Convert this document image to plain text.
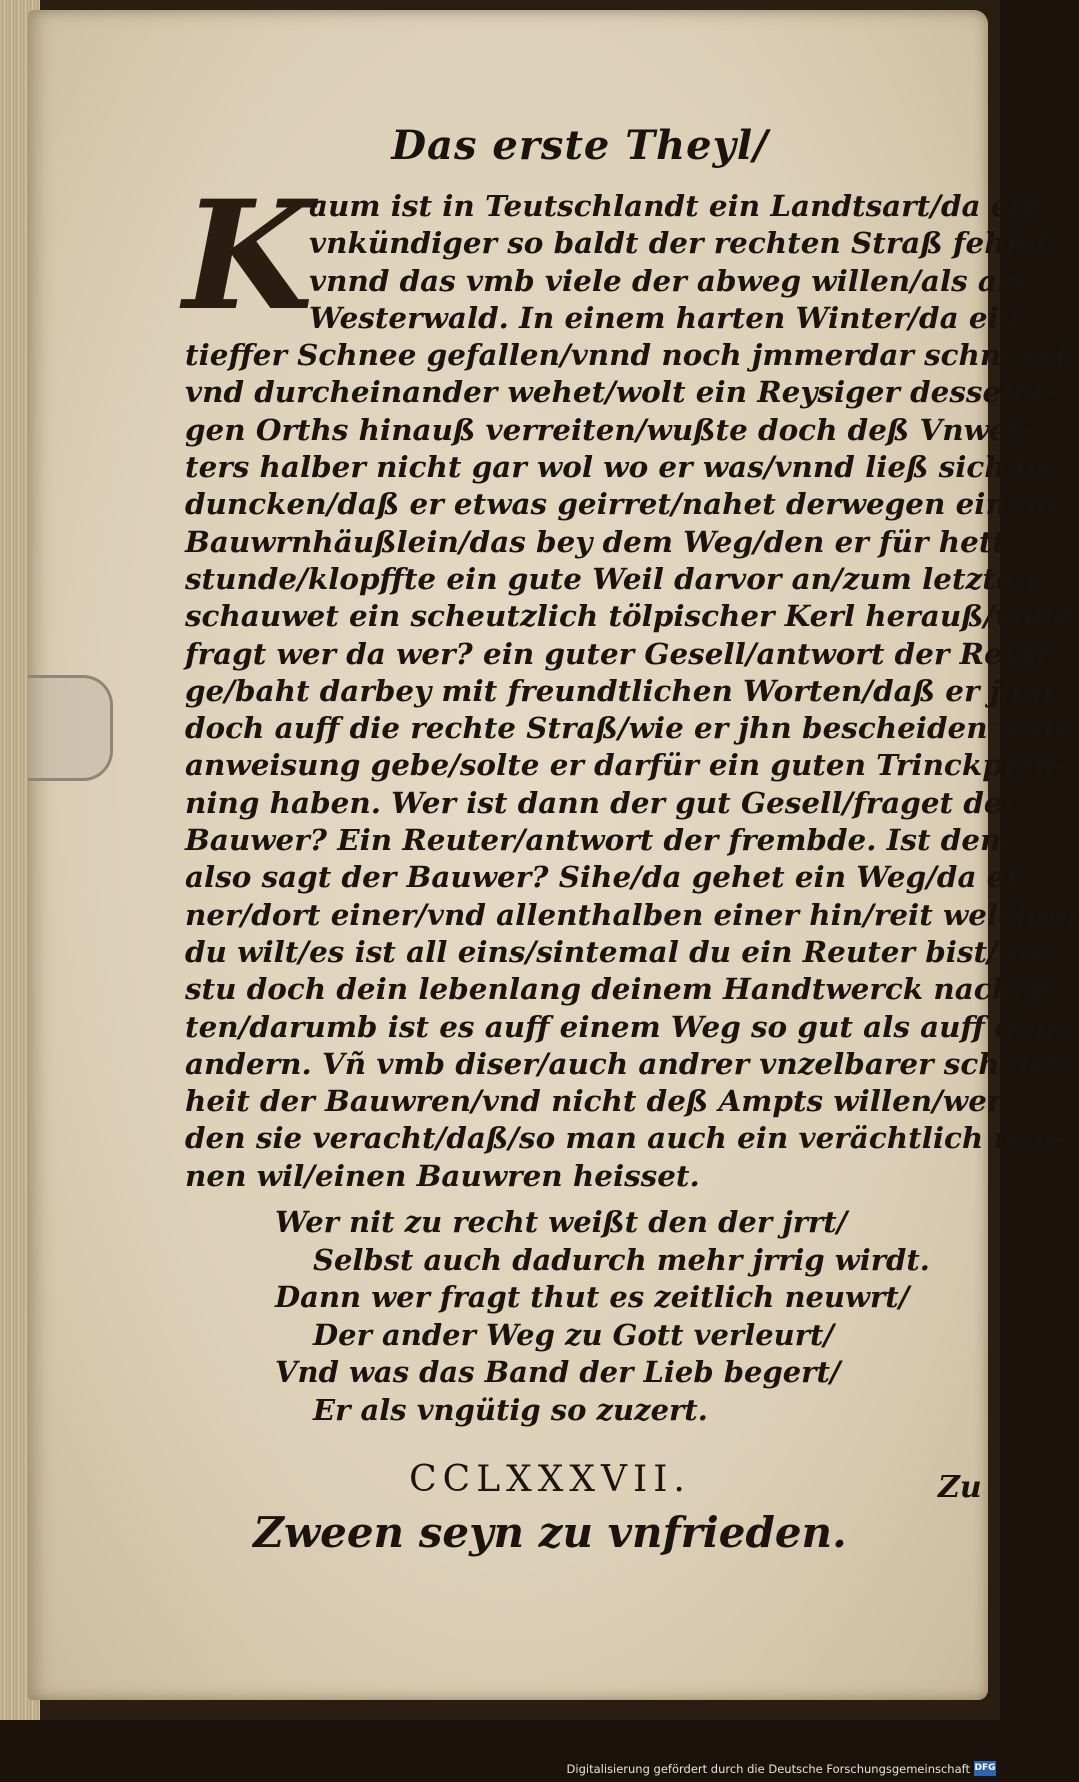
Das erste Theyl/
K
aum ist in Teutschlandt ein Landtsart/da ein
vnkündiger so baldt der rechten Straß fehlet/
vnnd das vmb viele der abweg willen/als am
Westerwald. In einem harten Winter/da ein
tieffer Schnee gefallen/vnnd noch jmmerdar schneyet
vnd durcheinander wehet/wolt ein Reysiger desselbi-
gen Orths hinauß verreiten/wußte doch deß Vnwet-
ters halber nicht gar wol wo er was/vnnd ließ sich be-
duncken/daß er etwas geirret/nahet derwegen einem
Bauwrnhäußlein/das bey dem Weg/den er für hett/
stunde/klopffte ein gute Weil darvor an/zum letzten
schauwet ein scheutzlich tölpischer Kerl herauß/vnnd
fragt wer da wer? ein guter Gesell/antwort der Reysi-
ge/baht darbey mit freundtlichen Worten/daß er jhm
doch auff die rechte Straß/wie er jhn bescheiden wölt/
anweisung gebe/solte er darfür ein guten Trinckpfen-
ning haben. Wer ist dann der gut Gesell/fraget der
Bauwer? Ein Reuter/antwort der frembde. Ist dem
also sagt der Bauwer? Sihe/da gehet ein Weg/da ei-
ner/dort einer/vnd allenthalben einer hin/reit welchen
du wilt/es ist all eins/sintemal du ein Reuter bist/mu-
stu doch dein lebenlang deinem Handtwerck nachrei-
ten/darumb ist es auff einem Weg so gut als auff dem
andern. Vñ vmb diser/auch andrer vnzelbarer schalck-
heit der Bauwren/vnd nicht deß Ampts willen/wer-
den sie veracht/daß/so man auch ein verächtlich nen-
nen wil/einen Bauwren heisset.
Wer nit zu recht weißt den der jrrt/
Selbst auch dadurch mehr jrrig wirdt.
Dann wer fragt thut es zeitlich neuwrt/
Der ander Weg zu Gott verleurt/
Vnd was das Band der Lieb begert/
Er als vngütig so zuzert.
CCLXXXVII.
Zween seyn zu vnfrieden.
Zu
Digitalisierung gefördert durch die Deutsche Forschungsgemeinschaft DFG
